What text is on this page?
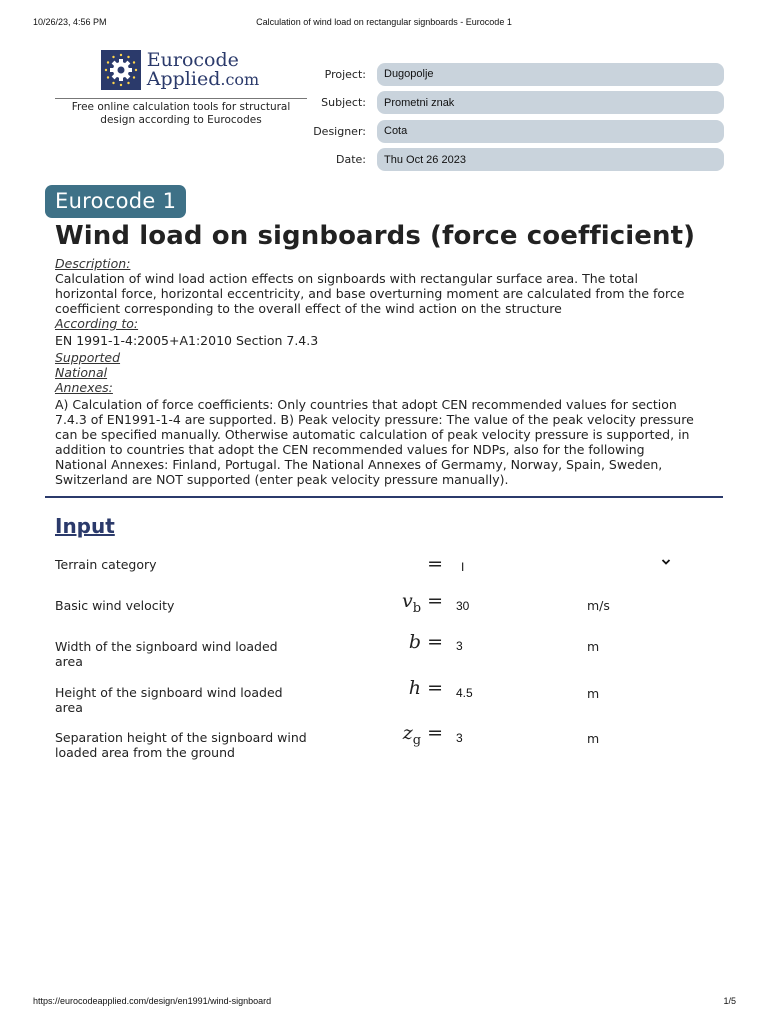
10/26/23, 4:56 PM	Calculation of wind load on rectangular signboards - Eurocode 1
Eurocode
Applied.com
Free online calculation tools for structural
design according to Eurocodes
Project:	Dugopolje
Subject:	Prometni znak
Designer:	Cota
Date:	Thu Oct 26 2023
Eurocode 1
Wind load on signboards (force coefficient)
Description:
Calculation of wind load action effects on signboards with rectangular surface area. The total
horizontal force, horizontal eccentricity, and base overturning moment are calculated from the force
coefficient corresponding to the overall effect of the wind action on the structure
According to:
EN 1991-1-4:2005+A1:2010 Section 7.4.3
Supported
National
Annexes:
A) Calculation of force coefficients: Only countries that adopt CEN recommended values for section
7.4.3 of EN1991-1-4 are supported. B) Peak velocity pressure: The value of the peak velocity pressure
can be specified manually. Otherwise automatic calculation of peak velocity pressure is supported, in
addition to countries that adopt the CEN recommended values for NDPs, also for the following
National Annexes: Finland, Portugal. The National Annexes of Germamy, Norway, Spain, Sweden,
Switzerland are NOT supported (enter peak velocity pressure manually).
Input
Terrain category	= I
Basic wind velocity	$v_b = 30$	m/s
Width of the signboard wind loaded
area
b = 3	m
Height of the signboard wind loaded
area
h = 4.5	m
Separation height of the signboard wind
loaded area from the ground
$z_g = 3$	m
https://eurocodeapplied.com/design/en1991/wind-signboard	1/5
